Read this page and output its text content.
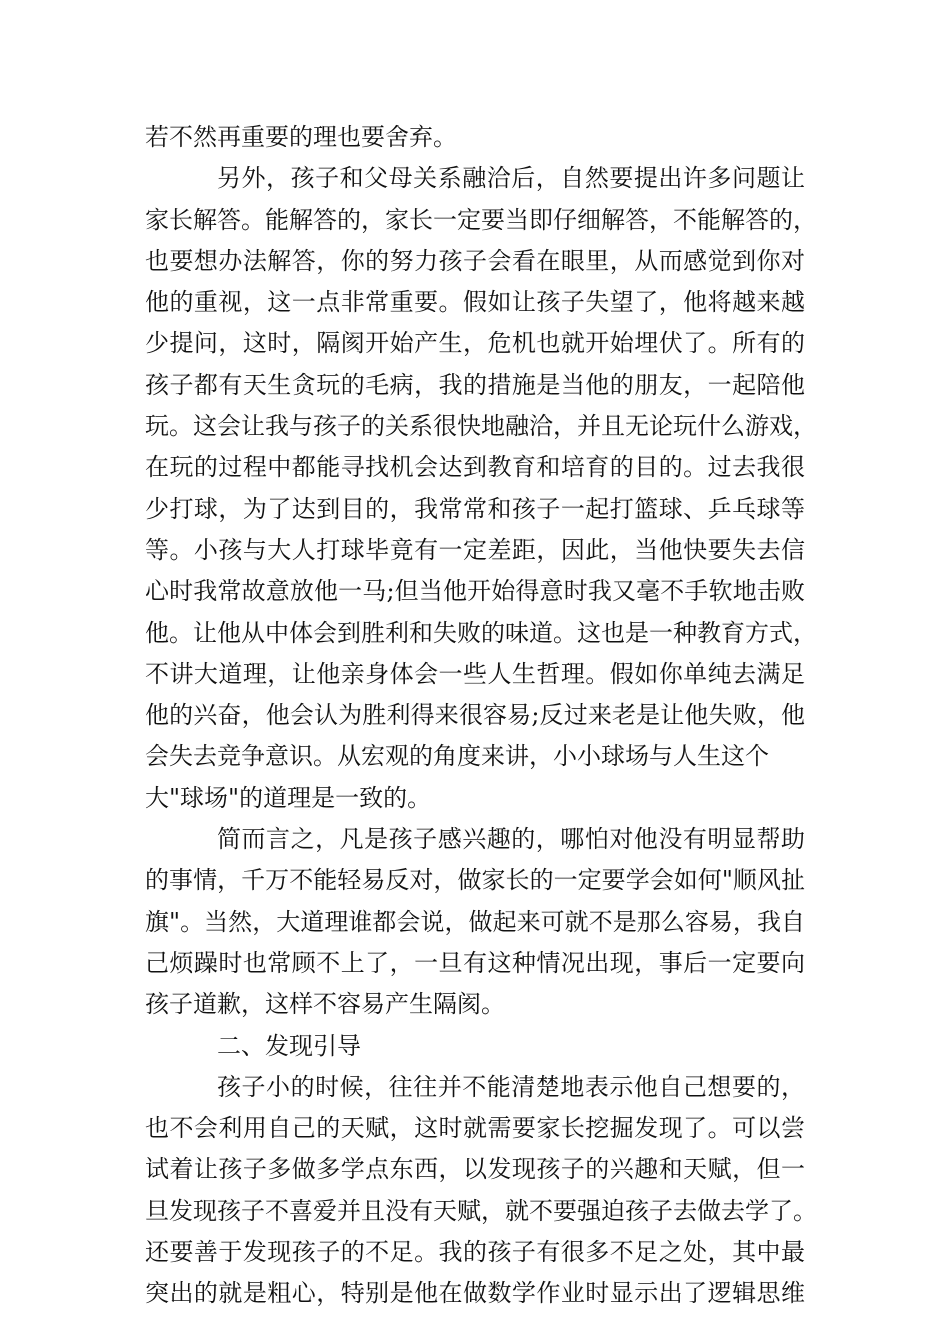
若不然再重要的理也要舍弃。
另外，孩子和父母关系融洽后，自然要提出许多问题让
家长解答。能解答的，家长一定要当即仔细解答，不能解答的，
也要想办法解答，你的努力孩子会看在眼里，从而感觉到你对
他的重视，这一点非常重要。假如让孩子失望了，他将越来越
少提问，这时，隔阂开始产生，危机也就开始埋伏了。所有的
孩子都有天生贪玩的毛病，我的措施是当他的朋友，一起陪他
玩。这会让我与孩子的关系很快地融洽，并且无论玩什么游戏，
在玩的过程中都能寻找机会达到教育和培育的目的。过去我很
少打球，为了达到目的，我常常和孩子一起打篮球、乒乓球等
等。小孩与大人打球毕竟有一定差距，因此，当他快要失去信
心时我常故意放他一马;但当他开始得意时我又毫不手软地击败
他。让他从中体会到胜利和失败的味道。这也是一种教育方式，
不讲大道理，让他亲身体会一些人生哲理。假如你单纯去满足
他的兴奋，他会认为胜利得来很容易;反过来老是让他失败，他
会失去竞争意识。从宏观的角度来讲，小小球场与人生这个
大"球场"的道理是一致的。
简而言之，凡是孩子感兴趣的，哪怕对他没有明显帮助
的事情，千万不能轻易反对，做家长的一定要学会如何"顺风扯
旗"。当然，大道理谁都会说，做起来可就不是那么容易，我自
己烦躁时也常顾不上了，一旦有这种情况出现，事后一定要向
孩子道歉，这样不容易产生隔阂。
二、发现引导
孩子小的时候，往往并不能清楚地表示他自己想要的，
也不会利用自己的天赋，这时就需要家长挖掘发现了。可以尝
试着让孩子多做多学点东西，以发现孩子的兴趣和天赋，但一
旦发现孩子不喜爱并且没有天赋，就不要强迫孩子去做去学了。
还要善于发现孩子的不足。我的孩子有很多不足之处，其中最
突出的就是粗心，特别是他在做数学作业时显示出了逻辑思维
